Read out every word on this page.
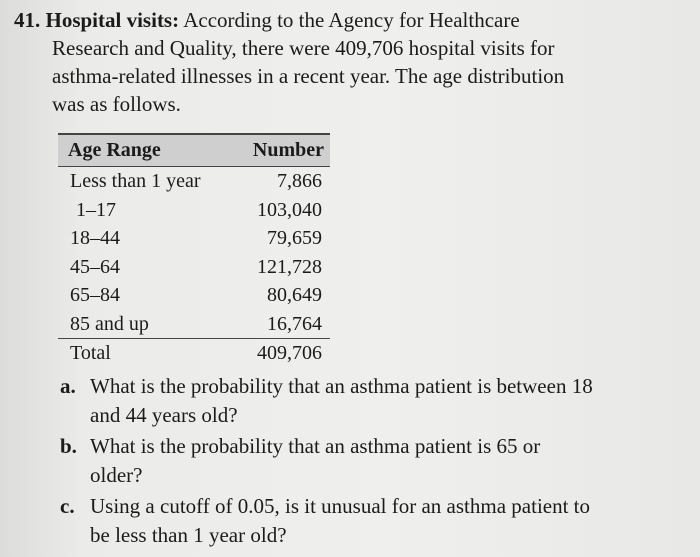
41. Hospital visits: According to the Agency for Healthcare
Research and Quality, there were 409,706 hospital visits for
asthma-related illnesses in a recent year. The age distribution
was as follows.
Age Range	Number
Less than 1 year	7,866
1–17	103,040
18–44	79,659
45–64	121,728
65–84	80,649
85 and up	16,764
Total	409,706
a. What is the probability that an asthma patient is between 18
and 44 years old?
b. What is the probability that an asthma patient is 65 or
older?
c. Using a cutoff of 0.05, is it unusual for an asthma patient to
be less than 1 year old?
